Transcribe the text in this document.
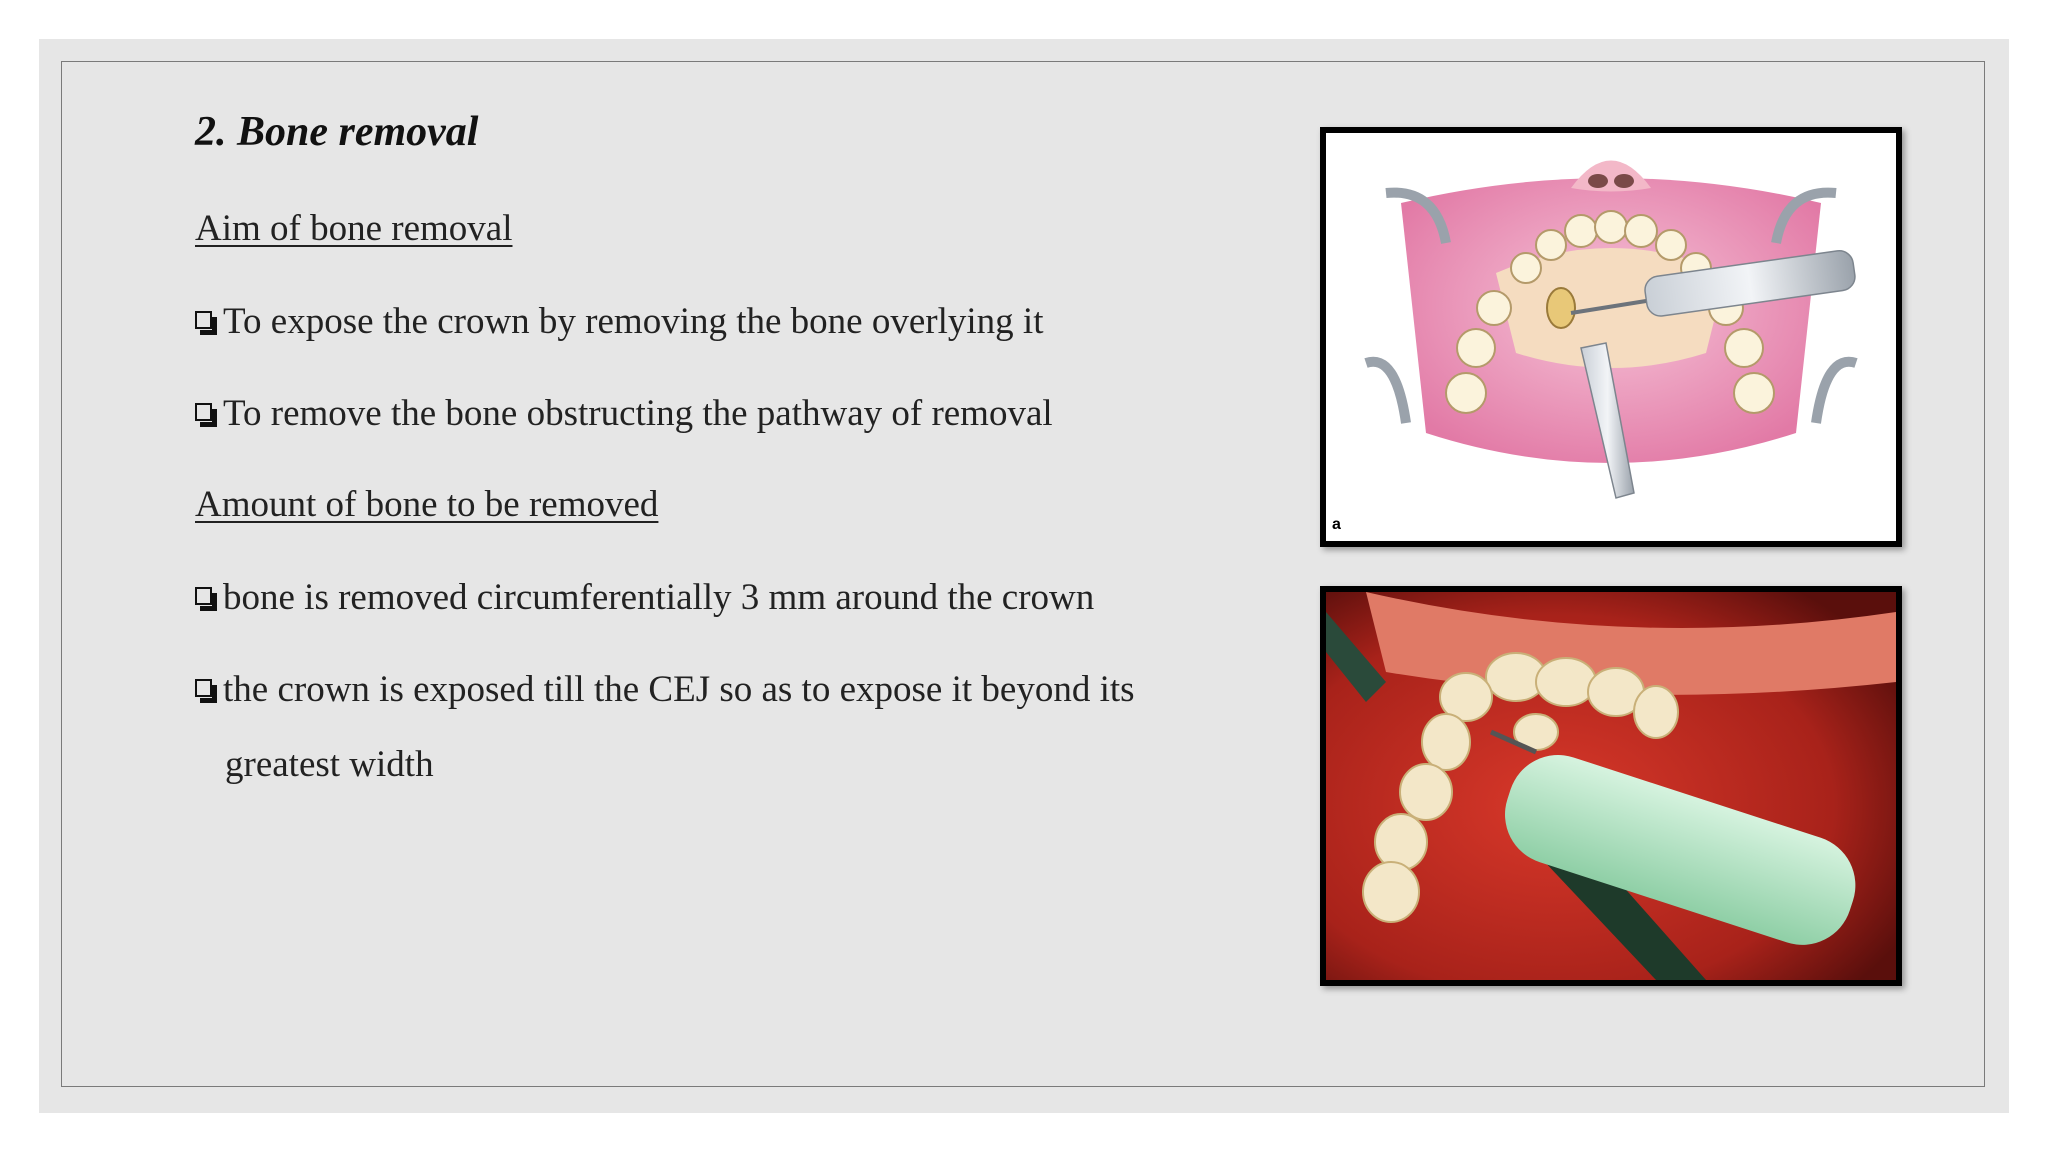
2. Bone removal
Aim of bone removal
To expose the crown by removing the bone overlying it
To remove the bone obstructing the pathway of removal
Amount of bone to be removed
bone is removed circumferentially 3 mm around the crown
the crown is exposed till the CEJ so as to expose it beyond its
greatest width
a
